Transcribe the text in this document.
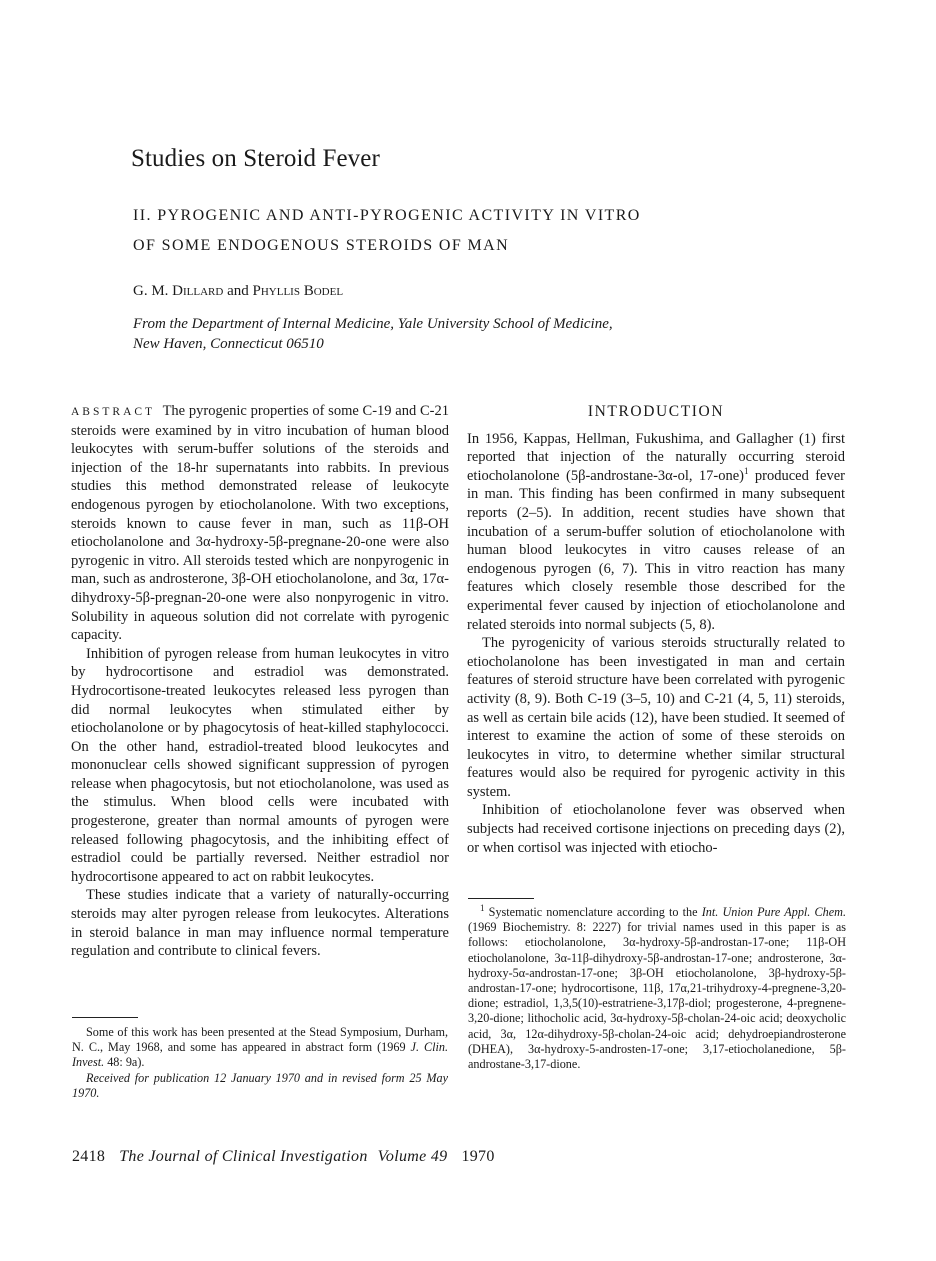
Studies on Steroid Fever
II. PYROGENIC AND ANTI-PYROGENIC ACTIVITY IN VITRO
OF SOME ENDOGENOUS STEROIDS OF MAN
G. M. Dillard and Phyllis Bodel
From the Department of Internal Medicine, Yale University School of Medicine,
New Haven, Connecticut 06510

ABSTRACT The pyrogenic properties of some C-19 and C-21 steroids were examined by in vitro incubation of human blood leukocytes with serum-buffer solutions of the steroids and injection of the 18-hr supernatants into rabbits. In previous studies this method demonstrated release of leukocyte endogenous pyrogen by etiocholanolone. With two exceptions, steroids known to cause fever in man, such as 11β-OH etiocholanolone and 3α-hydroxy-5β-pregnane-20-one were also pyrogenic in vitro. All steroids tested which are nonpyrogenic in man, such as androsterone, 3β-OH etiocholanolone, and 3α, 17α-dihydroxy-5β-pregnan-20-one were also nonpyrogenic in vitro. Solubility in aqueous solution did not correlate with pyrogenic capacity.

Inhibition of pyrogen release from human leukocytes in vitro by hydrocortisone and estradiol was demonstrated. Hydrocortisone-treated leukocytes released less pyrogen than did normal leukocytes when stimulated either by etiocholanolone or by phagocytosis of heat-killed staphylococci. On the other hand, estradiol-treated blood leukocytes and mononuclear cells showed significant suppression of pyrogen release when phagocytosis, but not etiocholanolone, was used as the stimulus. When blood cells were incubated with progesterone, greater than normal amounts of pyrogen were released following phagocytosis, and the inhibiting effect of estradiol could be partially reversed. Neither estradiol nor hydrocortisone appeared to act on rabbit leukocytes.

These studies indicate that a variety of naturally-occurring steroids may alter pyrogen release from leukocytes. Alterations in steroid balance in man may influence normal temperature regulation and contribute to clinical fevers.

Some of this work has been presented at the Stead Symposium, Durham, N. C., May 1968, and some has appeared in abstract form (1969 J. Clin. Invest. 48: 9a).

Received for publication 12 January 1970 and in revised form 25 May 1970.

INTRODUCTION

In 1956, Kappas, Hellman, Fukushima, and Gallagher (1) first reported that injection of the naturally occurring steroid etiocholanolone (5β-androstane-3α-ol, 17-one)$^1$ produced fever in man. This finding has been confirmed in many subsequent reports (2–5). In addition, recent studies have shown that incubation of a serum-buffer solution of etiocholanolone with human blood leukocytes in vitro causes release of an endogenous pyrogen (6, 7). This in vitro reaction has many features which closely resemble those described for the experimental fever caused by injection of etiocholanolone and related steroids into normal subjects (5, 8).

The pyrogenicity of various steroids structurally related to etiocholanolone has been investigated in man and certain features of steroid structure have been correlated with pyrogenic activity (8, 9). Both C-19 (3–5, 10) and C-21 (4, 5, 11) steroids, as well as certain bile acids (12), have been studied. It seemed of interest to examine the action of some of these steroids on leukocytes in vitro, to determine whether similar structural features would also be required for pyrogenic activity in this system.

Inhibition of etiocholanolone fever was observed when subjects had received cortisone injections on preceding days (2), or when cortisol was injected with etiocho-

$^1$ Systematic nomenclature according to the Int. Union Pure Appl. Chem. (1969 Biochemistry. 8: 2227) for trivial names used in this paper is as follows: etiocholanolone, 3α-hydroxy-5β-androstan-17-one; 11β-OH etiocholanolone, 3α-11β-dihydroxy-5β-androstan-17-one; androsterone, 3α-hydroxy-5α-androstan-17-one; 3β-OH etiocholanolone, 3β-hydroxy-5β-androstan-17-one; hydrocortisone, 11β, 17α,21-trihydroxy-4-pregnene-3,20-dione; estradiol, 1,3,5(10)-estratriene-3,17β-diol; progesterone, 4-pregnene-3,20-dione; lithocholic acid, 3α-hydroxy-5β-cholan-24-oic acid; deoxycholic acid, 3α, 12α-dihydroxy-5β-cholan-24-oic acid; dehydroepiandrosterone (DHEA), 3α-hydroxy-5-androsten-17-one; 3,17-etiocholanedione, 5β-androstane-3,17-dione.

2418 The Journal of Clinical Investigation Volume 49 1970
